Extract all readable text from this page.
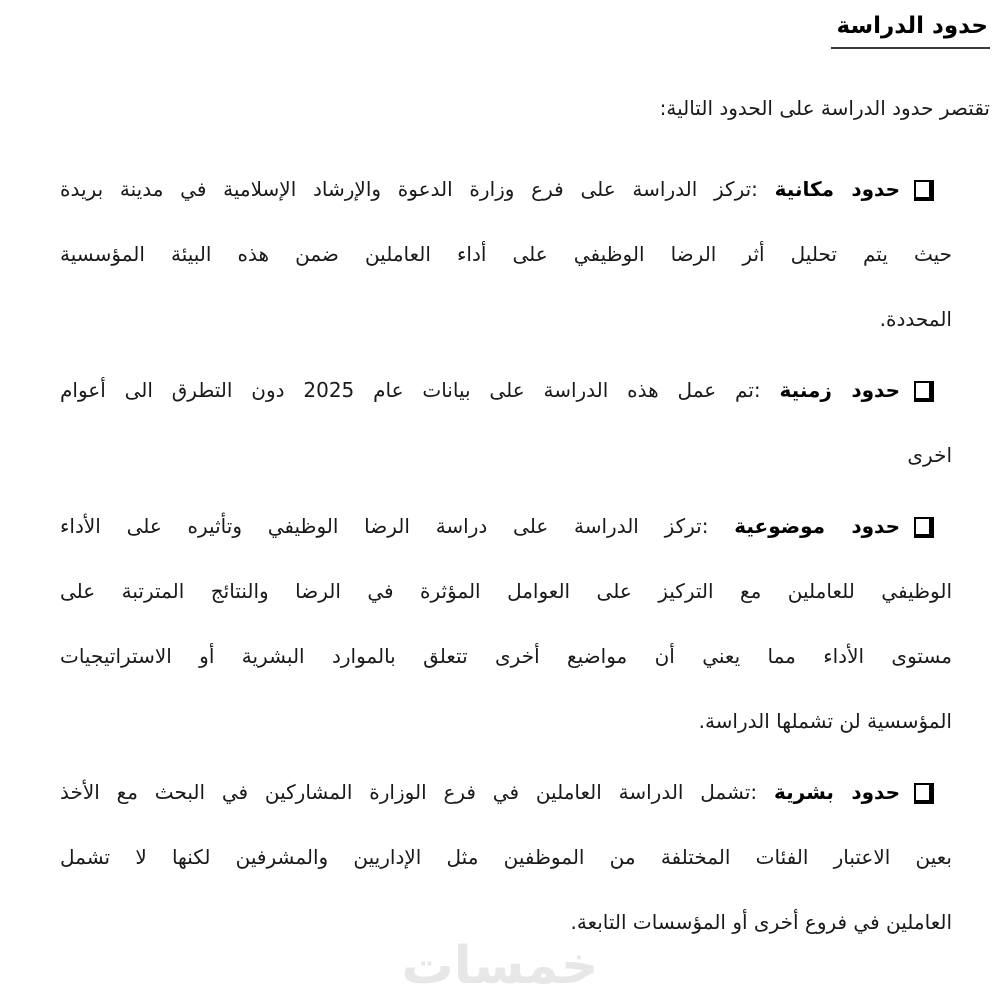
حدود الدراسة

تقتصر حدود الدراسة على الحدود التالية:

حدود مكانية :تركز الدراسة على فرع وزارة الدعوة والإرشاد الإسلامية في مدينة بريدة
حيث يتم تحليل أثر الرضا الوظيفي على أداء العاملين ضمن هذه البيئة المؤسسية
المحددة.
حدود زمنية :تم عمل هذه الدراسة على بيانات عام 2025 دون التطرق الى أعوام
اخرى
حدود موضوعية :تركز الدراسة على دراسة الرضا الوظيفي وتأثيره على الأداء
الوظيفي للعاملين مع التركيز على العوامل المؤثرة في الرضا والنتائج المترتبة على
مستوى الأداء مما يعني أن مواضيع أخرى تتعلق بالموارد البشرية أو الاستراتيجيات
المؤسسية لن تشملها الدراسة.
حدود بشرية :تشمل الدراسة العاملين في فرع الوزارة المشاركين في البحث مع الأخذ
بعين الاعتبار الفئات المختلفة من الموظفين مثل الإداريين والمشرفين لكنها لا تشمل
العاملين في فروع أخرى أو المؤسسات التابعة.
خمسات
